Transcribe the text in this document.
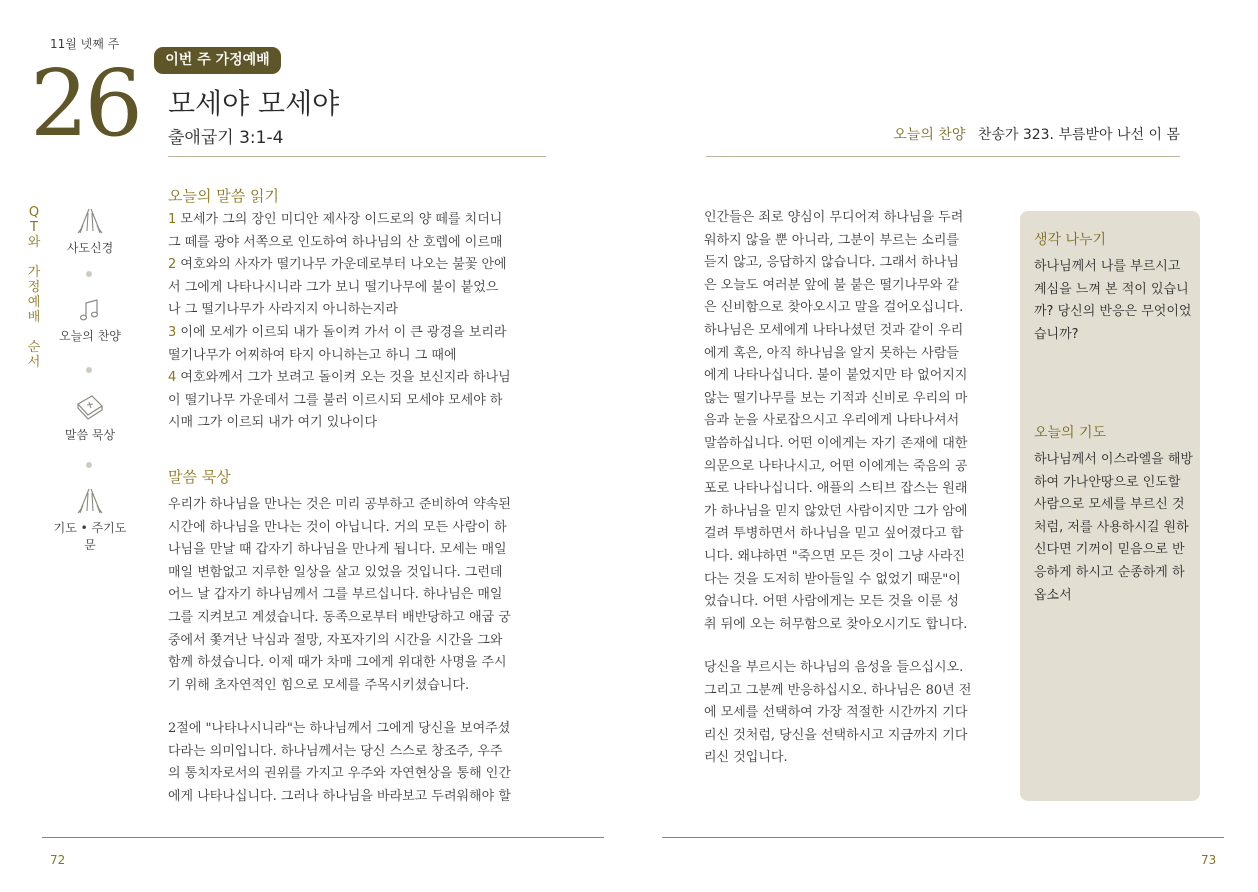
11월 넷째 주
26	이번 주 가정예배
모세야 모세야
출애굽기 3:1-4	오늘의 찬양 찬송가 323. 부름받아 나선 이 몸
Q
T
와

가
정
예
배

순
서
사도신경
오늘의 찬양
말씀 묵상
기도 • 주기도문
오늘의 말씀 읽기

1 모세가 그의 장인 미디안 제사장 이드로의 양 떼를 치더니

그 떼를 광야 서쪽으로 인도하여 하나님의 산 호렙에 이르매

2 여호와의 사자가 떨기나무 가운데로부터 나오는 불꽃 안에

서 그에게 나타나시니라 그가 보니 떨기나무에 불이 붙었으

나 그 떨기나무가 사라지지 아니하는지라

3 이에 모세가 이르되 내가 돌이켜 가서 이 큰 광경을 보리라

떨기나무가 어찌하여 타지 아니하는고 하니 그 때에

4 여호와께서 그가 보려고 돌이켜 오는 것을 보신지라 하나님

이 떨기나무 가운데서 그를 불러 이르시되 모세야 모세야 하

시매 그가 이르되 내가 여기 있나이다

말씀 묵상

우리가 하나님을 만나는 것은 미리 공부하고 준비하여 약속된

시간에 하나님을 만나는 것이 아닙니다. 거의 모든 사람이 하

나님을 만날 때 갑자기 하나님을 만나게 됩니다. 모세는 매일

매일 변함없고 지루한 일상을 살고 있었을 것입니다. 그런데

어느 날 갑자기 하나님께서 그를 부르십니다. 하나님은 매일

그를 지켜보고 계셨습니다. 동족으로부터 배반당하고 애굽 궁

중에서 쫓겨난 낙심과 절망, 자포자기의 시간을 시간을 그와

함께 하셨습니다. 이제 때가 차매 그에게 위대한 사명을 주시

기 위해 초자연적인 힘으로 모세를 주목시키셨습니다.

2절에 "나타나시니라"는 하나님께서 그에게 당신을 보여주셨

다라는 의미입니다. 하나님께서는 당신 스스로 창조주, 우주

의 통치자로서의 권위를 가지고 우주와 자연현상을 통해 인간

에게 나타나십니다. 그러나 하나님을 바라보고 두려워해야 할

인간들은 죄로 양심이 무디어져 하나님을 두려

워하지 않을 뿐 아니라, 그분이 부르는 소리를

듣지 않고, 응답하지 않습니다. 그래서 하나님

은 오늘도 여러분 앞에 불 붙은 떨기나무와 같

은 신비함으로 찾아오시고 말을 걸어오십니다.

하나님은 모세에게 나타나셨던 것과 같이 우리

에게 혹은, 아직 하나님을 알지 못하는 사람들

에게 나타나십니다. 불이 붙었지만 타 없어지지

않는 떨기나무를 보는 기적과 신비로 우리의 마

음과 눈을 사로잡으시고 우리에게 나타나셔서

말씀하십니다. 어떤 이에게는 자기 존재에 대한

의문으로 나타나시고, 어떤 이에게는 죽음의 공

포로 나타나십니다. 애플의 스티브 잡스는 원래

가 하나님을 믿지 않았던 사람이지만 그가 암에

걸려 투병하면서 하나님을 믿고 싶어졌다고 합

니다. 왜냐하면 "죽으면 모든 것이 그냥 사라진

다는 것을 도저히 받아들일 수 없었기 때문"이

었습니다. 어떤 사람에게는 모든 것을 이룬 성

취 뒤에 오는 허무함으로 찾아오시기도 합니다.

당신을 부르시는 하나님의 음성을 들으십시오.

그리고 그분께 반응하십시오. 하나님은 80년 전

에 모세를 선택하여 가장 적절한 시간까지 기다

리신 것처럼, 당신을 선택하시고 지금까지 기다

리신 것입니다.

생각 나누기

하나님께서 나를 부르시고

계심을 느껴 본 적이 있습니

까? 당신의 반응은 무엇이었

습니까?

오늘의 기도

하나님께서 이스라엘을 해방

하여 가나안땅으로 인도할

사람으로 모세를 부르신 것

처럼, 저를 사용하시길 원하

신다면 기꺼이 믿음으로 반

응하게 하시고 순종하게 하

옵소서

72	73
